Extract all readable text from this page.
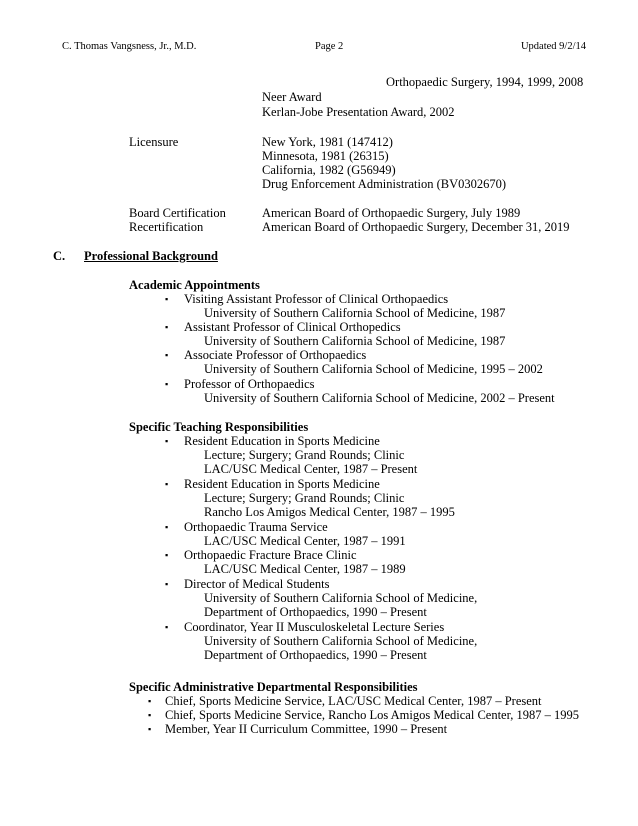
C. Thomas Vangsness, Jr., M.D.	Page 2	Updated 9/2/14
Orthopaedic Surgery, 1994, 1999, 2008
Neer Award
Kerlan-Jobe Presentation Award, 2002
Licensure	New York, 1981 (147412)
Minnesota, 1981 (26315)
California, 1982 (G56949)
Drug Enforcement Administration (BV0302670)
Board Certification	American Board of Orthopaedic Surgery, July 1989
Recertification	American Board of Orthopaedic Surgery, December 31, 2019
C. Professional Background
Academic Appointments
▪ Visiting Assistant Professor of Clinical Orthopaedics
University of Southern California School of Medicine, 1987
▪ Assistant Professor of Clinical Orthopedics
University of Southern California School of Medicine, 1987
▪ Associate Professor of Orthopaedics
University of Southern California School of Medicine, 1995 – 2002
▪ Professor of Orthopaedics
University of Southern California School of Medicine, 2002 – Present
Specific Teaching Responsibilities
▪ Resident Education in Sports Medicine
Lecture; Surgery; Grand Rounds; Clinic
LAC/USC Medical Center, 1987 – Present
▪ Resident Education in Sports Medicine
Lecture; Surgery; Grand Rounds; Clinic
Rancho Los Amigos Medical Center, 1987 – 1995
▪ Orthopaedic Trauma Service
LAC/USC Medical Center, 1987 – 1991
▪ Orthopaedic Fracture Brace Clinic
LAC/USC Medical Center, 1987 – 1989
▪ Director of Medical Students
University of Southern California School of Medicine,
Department of Orthopaedics, 1990 – Present
▪ Coordinator, Year II Musculoskeletal Lecture Series
University of Southern California School of Medicine,
Department of Orthopaedics, 1990 – Present
Specific Administrative Departmental Responsibilities
▪ Chief, Sports Medicine Service, LAC/USC Medical Center, 1987 – Present
▪ Chief, Sports Medicine Service, Rancho Los Amigos Medical Center, 1987 – 1995
▪ Member, Year II Curriculum Committee, 1990 – Present
